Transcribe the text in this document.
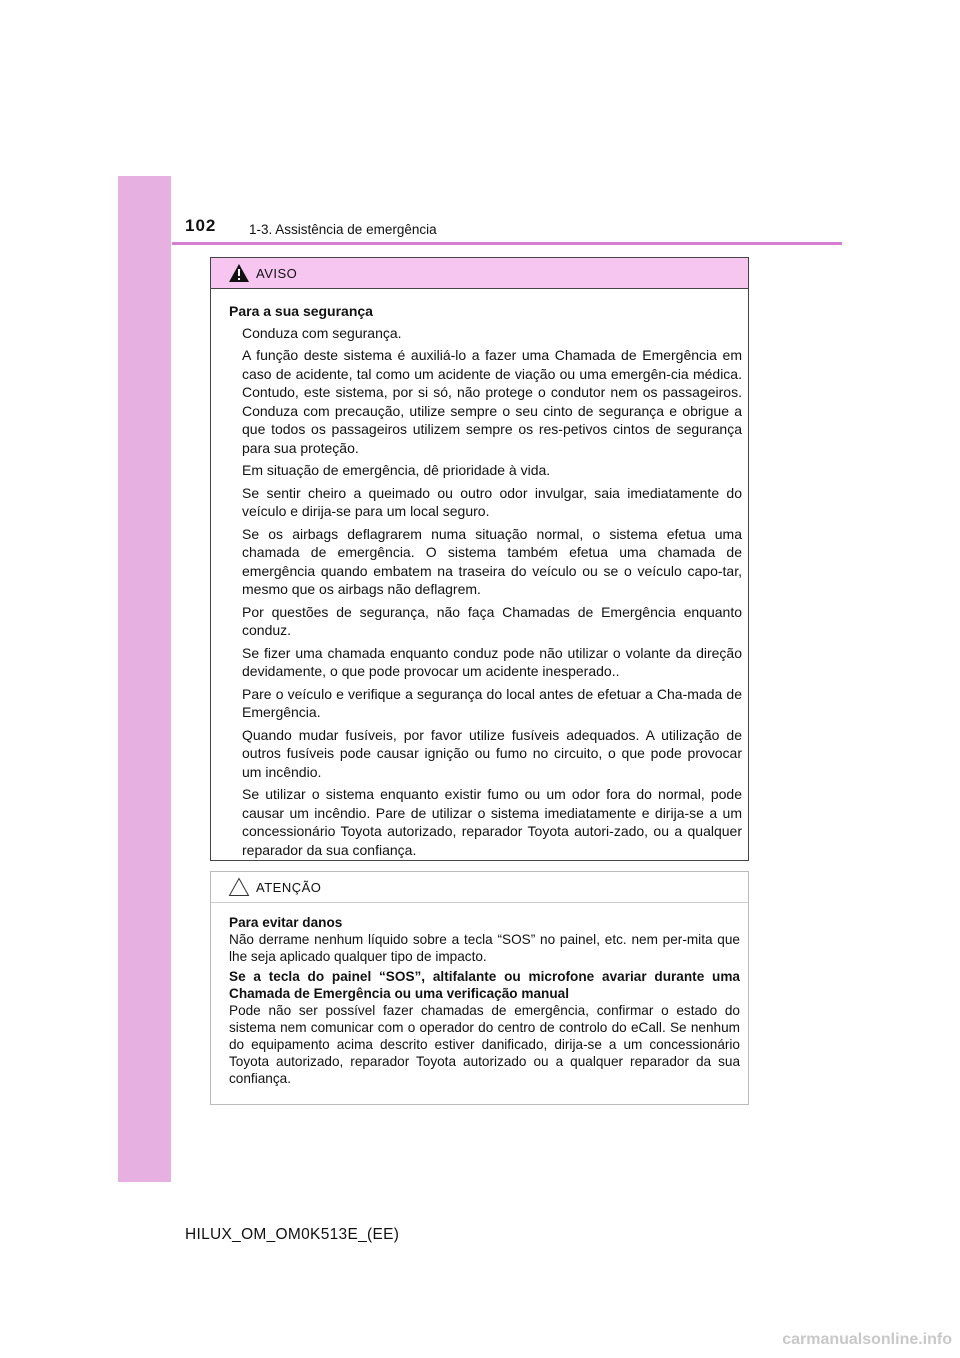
102 1-3. Assistência de emergência
AVISO
Para a sua segurança

Conduza com segurança.

A função deste sistema é auxiliá-lo a fazer uma Chamada de Emergência em caso de acidente, tal como um acidente de viação ou uma emergên-cia médica. Contudo, este sistema, por si só, não protege o condutor nem os passageiros. Conduza com precaução, utilize sempre o seu cinto de segurança e obrigue a que todos os passageiros utilizem sempre os res-petivos cintos de segurança para sua proteção.

Em situação de emergência, dê prioridade à vida.

Se sentir cheiro a queimado ou outro odor invulgar, saia imediatamente do veículo e dirija-se para um local seguro.

Se os airbags deflagrarem numa situação normal, o sistema efetua uma chamada de emergência. O sistema também efetua uma chamada de emergência quando embatem na traseira do veículo ou se o veículo capo-tar, mesmo que os airbags não deflagrem.

Por questões de segurança, não faça Chamadas de Emergência enquanto conduz.

Se fizer uma chamada enquanto conduz pode não utilizar o volante da direção devidamente, o que pode provocar um acidente inesperado..

Pare o veículo e verifique a segurança do local antes de efetuar a Cha-mada de Emergência.

Quando mudar fusíveis, por favor utilize fusíveis adequados. A utilização de outros fusíveis pode causar ignição ou fumo no circuito, o que pode provocar um incêndio.

Se utilizar o sistema enquanto existir fumo ou um odor fora do normal, pode causar um incêndio. Pare de utilizar o sistema imediatamente e dirija-se a um concessionário Toyota autorizado, reparador Toyota autori-zado, ou a qualquer reparador da sua confiança.

ATENÇÃO
Para evitar danos

Não derrame nenhum líquido sobre a tecla “SOS” no painel, etc. nem per-mita que lhe seja aplicado qualquer tipo de impacto.

Se a tecla do painel “SOS”, altifalante ou microfone avariar durante uma Chamada de Emergência ou uma verificação manual

Pode não ser possível fazer chamadas de emergência, confirmar o estado do sistema nem comunicar com o operador do centro de controlo do eCall. Se nenhum do equipamento acima descrito estiver danificado, dirija-se a um concessionário Toyota autorizado, reparador Toyota autorizado ou a qualquer reparador da sua confiança.

HILUX_OM_OM0K513E_(EE)
carmanualsonline.info
